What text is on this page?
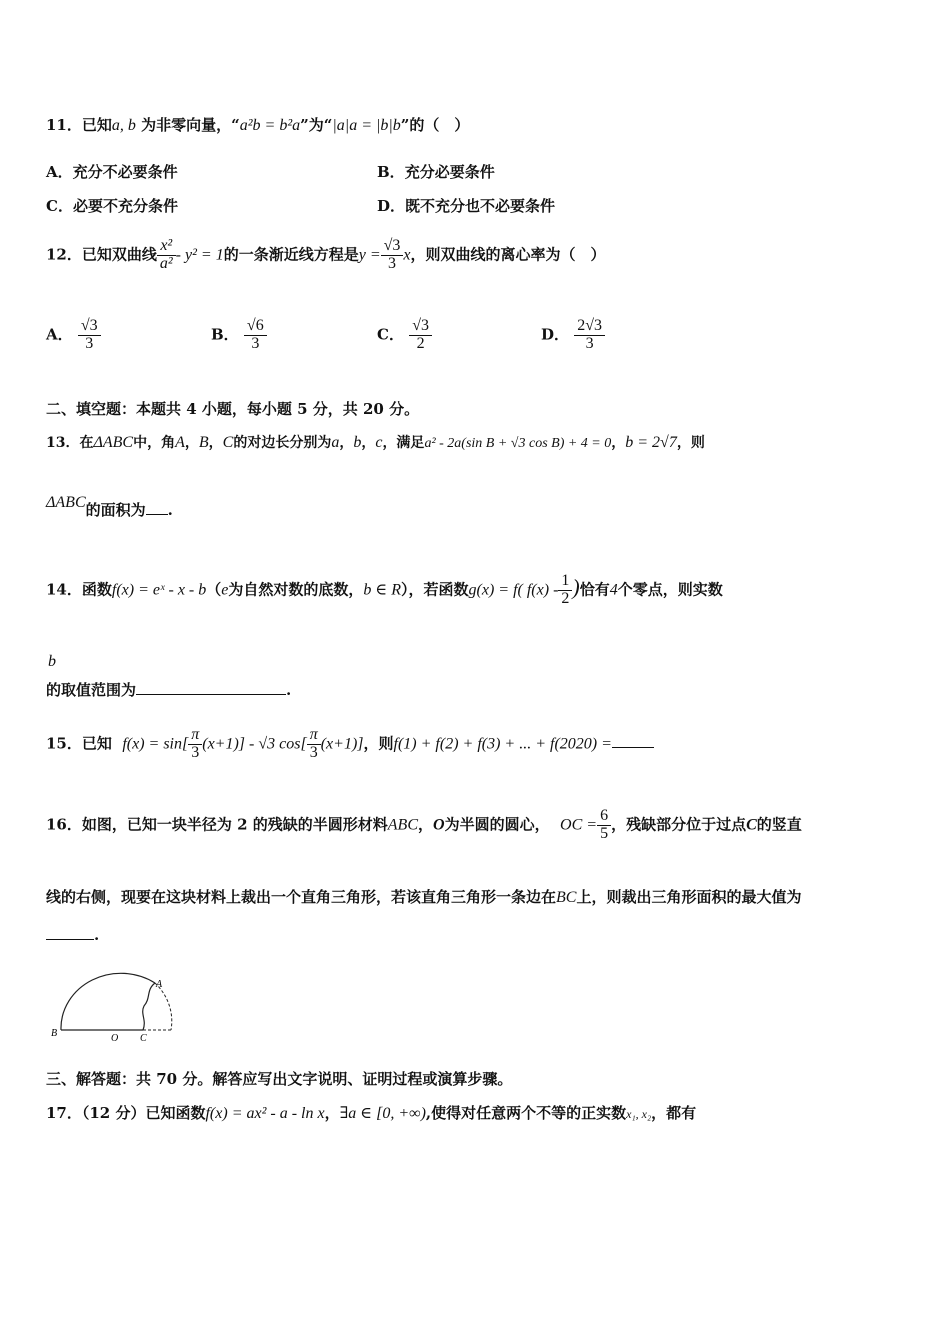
11．已知a, b 为非零向量，“a²b = b²a”为“|a|a = |b|b”的（　）
A．充分不必要条件	B．充分必要条件
C．必要不充分条件	D．既不充分也不必要条件
12．已知双曲线 $\frac{\text{x²}}{\text{a²}} - y^2 = 1$的一条渐近线方程是$y = \frac{√3}{3}$ x，则双曲线的离心率为（　）
A． $\frac{√3}{3}$	B． $\frac{√6}{3}$	C． $\frac{√3}{2}$	D． $\frac{2√3}{3}$
二、填空题：本题共 4 小题，每小题 5 分，共 20 分。
13．在ΔABC中，角A，B，C的对边长分别为a，b，c，满足a² - 2a(sin B + √3 cos B) + 4 = 0，b = 2√7，则
ΔABC的面积为 .
14．函数f(x) = eˣ - x - b（e为自然对数的底数，b ∈ R），若函数g(x) = f( $f(x) - \frac{1}{2}$ )恰有4个零点，则实数
b
的取值范围为	.
15．已知 $f(x) = \sin[ \frac{\pi}{3} (x+1)] - √3$ $\cos[ \frac{\pi}{3} (x+1)]$，则f(1) + f(2) + f(3) + ... + f(2020) =
16．如图，已知一块半径为 2 的残缺的半圆形材料ABC，O为半圆的圆心， OC = $\frac{6}{5}$ ，残缺部分位于过点C的竖直
线的右侧，现要在这块材料上裁出一个直角三角形，若该直角三角形一条边在BC上，则裁出三角形面积的最大值为
.
A
B	O C
三、解答题：共 70 分。解答应写出文字说明、证明过程或演算步骤。
17．（12 分）已知函数f(x) = ax² - a - ln x，∃a ∈ [0, +∞),使得对任意两个不等的正实数x₁, x₂，都有
